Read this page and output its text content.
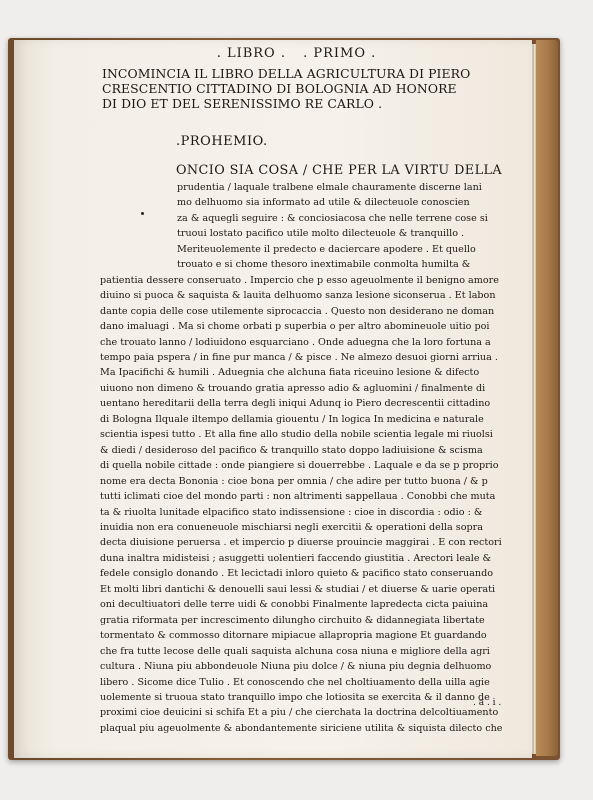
. LIBRO . . PRIMO .
INCOMINCIA IL LIBRO DELLA AGRICULTURA DI PIERO
CRESCENTIO CITTADINO DI BOLOGNIA AD HONORE
DI DIO ET DEL SERENISSIMO RE CARLO .
.PROHEMIO.
ONCIO SIA COSA / CHE PER LA VIRTU DELLA
prudentia / laquale tralbene elmale chauramente discerne lani
mo delhuomo sia informato ad utile & dilecteuole conoscien
za & aquegli seguire : & conciosiacosa che nelle terrene cose si
truoui lostato pacifico utile molto dilecteuole & tranquillo .
Meriteuolemente il predecto e daciercare apodere . Et quello
trouato e si chome thesoro inextimabile conmolta humilta &
patientia dessere conseruato . Impercio che p esso ageuolmente il benigno amore
diuino si puoca & saquista & lauita delhuomo sanza lesione siconserua . Et labon
dante copia delle cose utilemente siprocaccia . Questo non desiderano ne doman
dano imaluagi . Ma si chome orbati p superbia o per altro abomineuole uitio poi
che trouato lanno / lodiuidono esquarciano . Onde aduegna che la loro fortuna a
tempo paia pspera / in fine pur manca / & pisce . Ne almezo desuoi giorni arriua .
Ma Ipacifichi & humili . Aduegnia che alchuna fiata riceuino lesione & difecto
uiuono non dimeno & trouando gratia apresso adio & agluomini / finalmente di
uentano hereditarii della terra degli iniqui Adunq io Piero decrescentii cittadino
di Bologna Ilquale iltempo dellamia giouentu / In logica In medicina e naturale
scientia ispesi tutto . Et alla fine allo studio della nobile scientia legale mi riuolsi
& diedi / desideroso del pacifico & tranquillo stato doppo ladiuisione & scisma
di quella nobile cittade : onde piangiere si douerrebbe . Laquale e da se p proprio
nome era decta Bononia : cioe bona per omnia / che adire per tutto buona / & p
tutti iclimati cioe del mondo parti : non altrimenti sappellaua . Conobbi che muta
ta & riuolta lunitade elpacifico stato indissensione : cioe in discordia : odio : &
inuidia non era conueneuole mischiarsi negli exercitii & operationi della sopra
decta diuisione peruersa . et impercio p diuerse prouincie maggirai . E con rectori
duna inaltra midisteisi ; asuggetti uolentieri faccendo giustitia . Arectori leale &
fedele consiglo donando . Et lecictadi inloro quieto & pacifico stato conseruando
Et molti libri dantichi & denouelli saui lessi & studiai / et diuerse & uarie operati
oni decultiuatori delle terre uidi & conobbi Finalmente lapredecta cicta paiuina
gratia riformata per increscimento dilungho circhuito & didannegiata libertate
tormentato & commosso ditornare mipiacue allapropria magione Et guardando
che fra tutte lecose delle quali saquista alchuna cosa niuna e migliore della agri
cultura . Niuna piu abbondeuole Niuna piu dolce / & niuna piu degnia delhuomo
libero . Sicome dice Tulio . Et conoscendo che nel choltiuamento della uilla agie
uolemente si truoua stato tranquillo impo che lotiosita se exercita & il danno de
proximi cioe deuicini si schifa Et a piu / che cierchata la doctrina delcoltiuamento
plaqual piu ageuolmente & abondantemente siriciene utilita & siquista dilecto che
. a . i .
